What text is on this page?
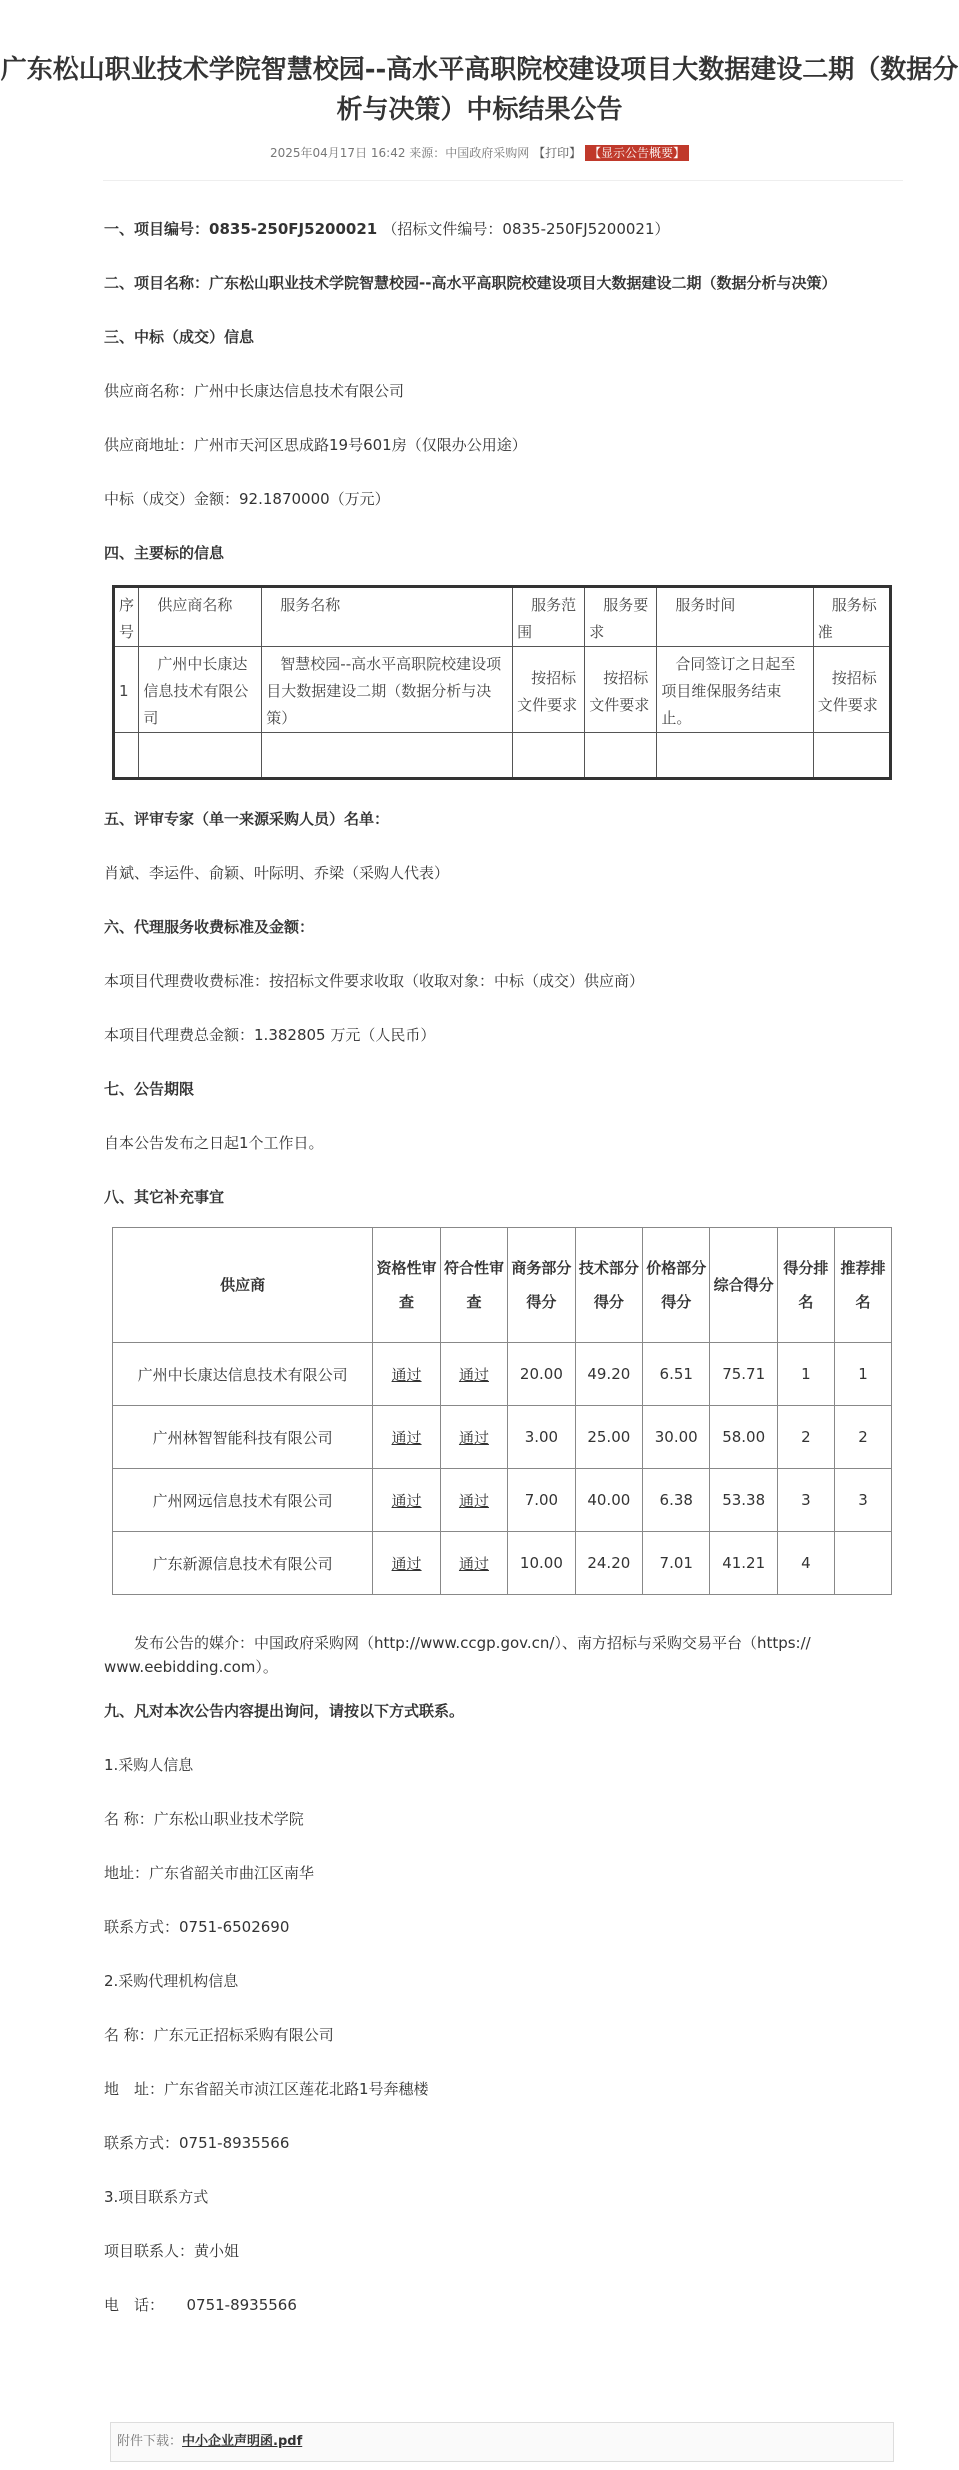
广东松山职业技术学院智慧校园--高水平高职院校建设项目大数据建设二期（数据分
析与决策）中标结果公告
2025年04月17日 16:42 来源：中国政府采购网 【打印】 【显示公告概要】
一、项目编号：0835-250FJ5200021 （招标文件编号：0835-250FJ5200021）
二、项目名称：广东松山职业技术学院智慧校园--高水平高职院校建设项目大数据建设二期（数据分析与决策）
三、中标（成交）信息
供应商名称：广州中长康达信息技术有限公司
供应商地址：广州市天河区思成路19号601房（仅限办公用途）
中标（成交）金额：92.1870000（万元）
四、主要标的信息
序号	供应商名称	服务名称	服务范围	服务要求	服务时间	服务标准
1	广州中长康达信息技术有限公司	智慧校园--高水平高职院校建设项目大数据建设二期（数据分析与决策）	按招标文件要求	按招标文件要求	合同签订之日起至项目维保服务结束止。	按招标文件要求

五、评审专家（单一来源采购人员）名单：
肖斌、李运件、俞颖、叶际明、乔梁（采购人代表）
六、代理服务收费标准及金额：
本项目代理费收费标准：按招标文件要求收取（收取对象：中标（成交）供应商）
本项目代理费总金额：1.382805 万元（人民币）
七、公告期限
自本公告发布之日起1个工作日。
八、其它补充事宜
供应商	资格性审查	符合性审查	商务部分得分	技术部分得分	价格部分得分	综合得分	得分排名	推荐排名
广州中长康达信息技术有限公司	通过	通过	20.00	49.20	6.51	75.71	1	1
广州林智智能科技有限公司	通过	通过	3.00	25.00	30.00	58.00	2	2
广州网远信息技术有限公司	通过	通过	7.00	40.00	6.38	53.38	3	3
广东新源信息技术有限公司	通过	通过	10.00	24.20	7.01	41.21	4	
发布公告的媒介：中国政府采购网（http://www.ccgp.gov.cn/）、南方招标与采购交易平台（https://
www.eebidding.com）。
九、凡对本次公告内容提出询问，请按以下方式联系。
1.采购人信息
名 称：广东松山职业技术学院
地址：广东省韶关市曲江区南华
联系方式：0751-6502690
2.采购代理机构信息
名 称：广东元正招标采购有限公司
地　址：广东省韶关市浈江区莲花北路1号奔穗楼
联系方式：0751-8935566
3.项目联系方式
项目联系人：黄小姐
电　话：　　0751-8935566
附件下载：中小企业声明函.pdf
